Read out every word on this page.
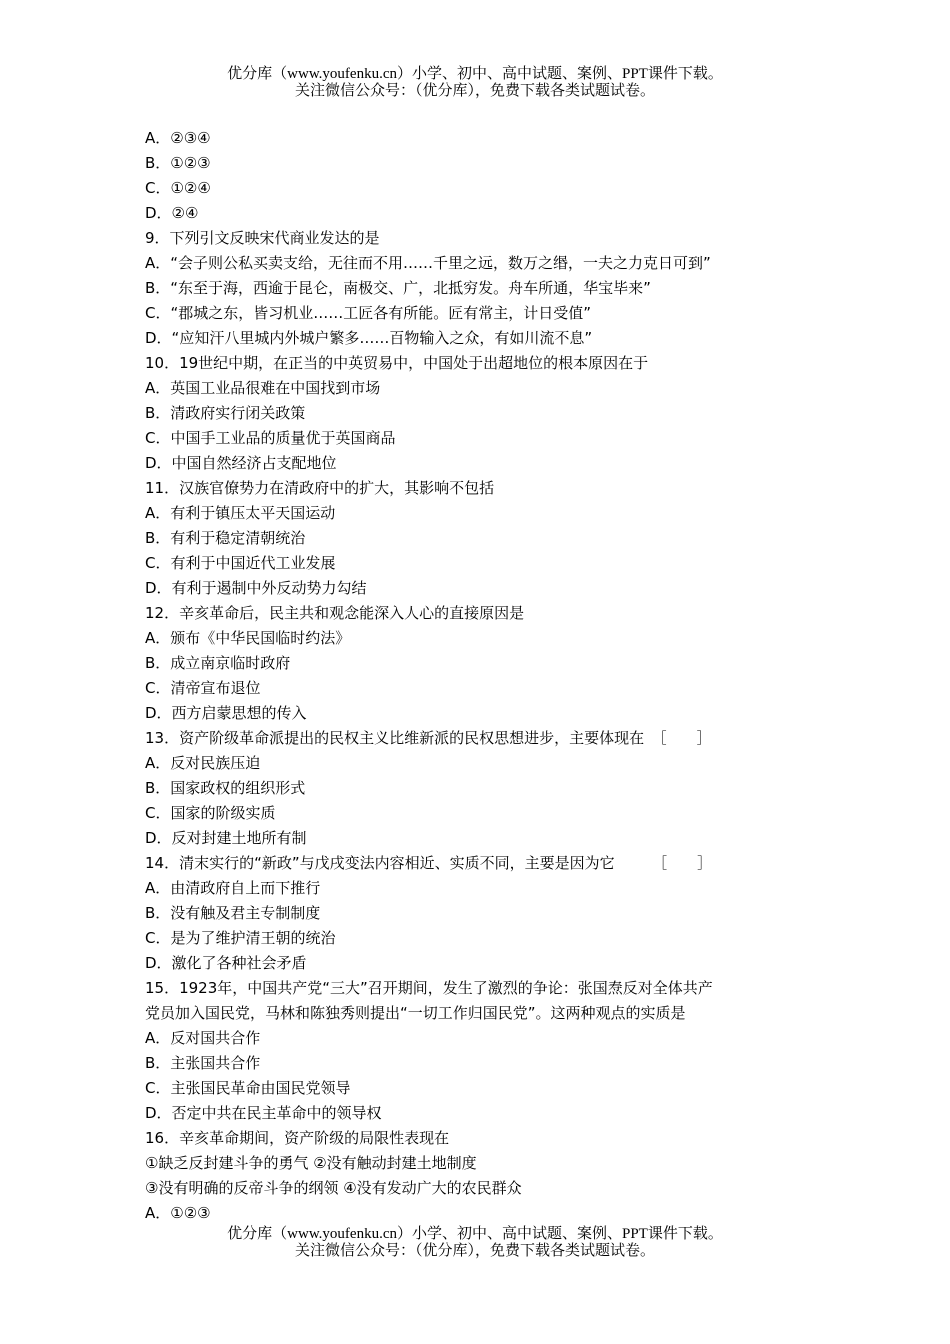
优分库（www.youfenku.cn）小学、初中、高中试题、案例、PPT课件下载。
关注微信公众号：（优分库），免费下载各类试题试卷。
A．②③④
B．①②③
C．①②④
D．②④
9．下列引文反映宋代商业发达的是
A．“会子则公私买卖支给，无往而不用……千里之远，数万之缗，一夫之力克日可到”
B．“东至于海，西逾于昆仑，南极交、广，北抵穷发。舟车所通，华宝毕来”
C．“郡城之东，皆习机业……工匠各有所能。匠有常主，计日受值”
D．“应知汗八里城内外城户繁多……百物输入之众，有如川流不息”
10．19世纪中期，在正当的中英贸易中，中国处于出超地位的根本原因在于
A．英国工业品很难在中国找到市场
B．清政府实行闭关政策
C．中国手工业品的质量优于英国商品
D．中国自然经济占支配地位
11．汉族官僚势力在清政府中的扩大，其影响不包括
A．有利于镇压太平天国运动
B．有利于稳定清朝统治
C．有利于中国近代工业发展
D．有利于遏制中外反动势力勾结
12．辛亥革命后，民主共和观念能深入人心的直接原因是
A．颁布《中华民国临时约法》
B．成立南京临时政府
C．清帝宣布退位
D．西方启蒙思想的传入
13．资产阶级革命派提出的民权主义比维新派的民权思想进步，主要体现在　［　　］
A．反对民族压迫
B．国家政权的组织形式
C．国家的阶级实质
D．反对封建土地所有制
14．清末实行的“新政”与戊戌变法内容相近、实质不同，主要是因为它　　　［　　］
A．由清政府自上而下推行
B．没有触及君主专制制度
C．是为了维护清王朝的统治
D．激化了各种社会矛盾
15．1923年，中国共产党“三大”召开期间，发生了激烈的争论：张国焘反对全体共产
党员加入国民党，马林和陈独秀则提出“一切工作归国民党”。这两种观点的实质是
A．反对国共合作
B．主张国共合作
C．主张国民革命由国民党领导
D．否定中共在民主革命中的领导权
16．辛亥革命期间，资产阶级的局限性表现在
①缺乏反封建斗争的勇气 ②没有触动封建土地制度
③没有明确的反帝斗争的纲领 ④没有发动广大的农民群众
A．①②③
优分库（www.youfenku.cn）小学、初中、高中试题、案例、PPT课件下载。
关注微信公众号：（优分库），免费下载各类试题试卷。
